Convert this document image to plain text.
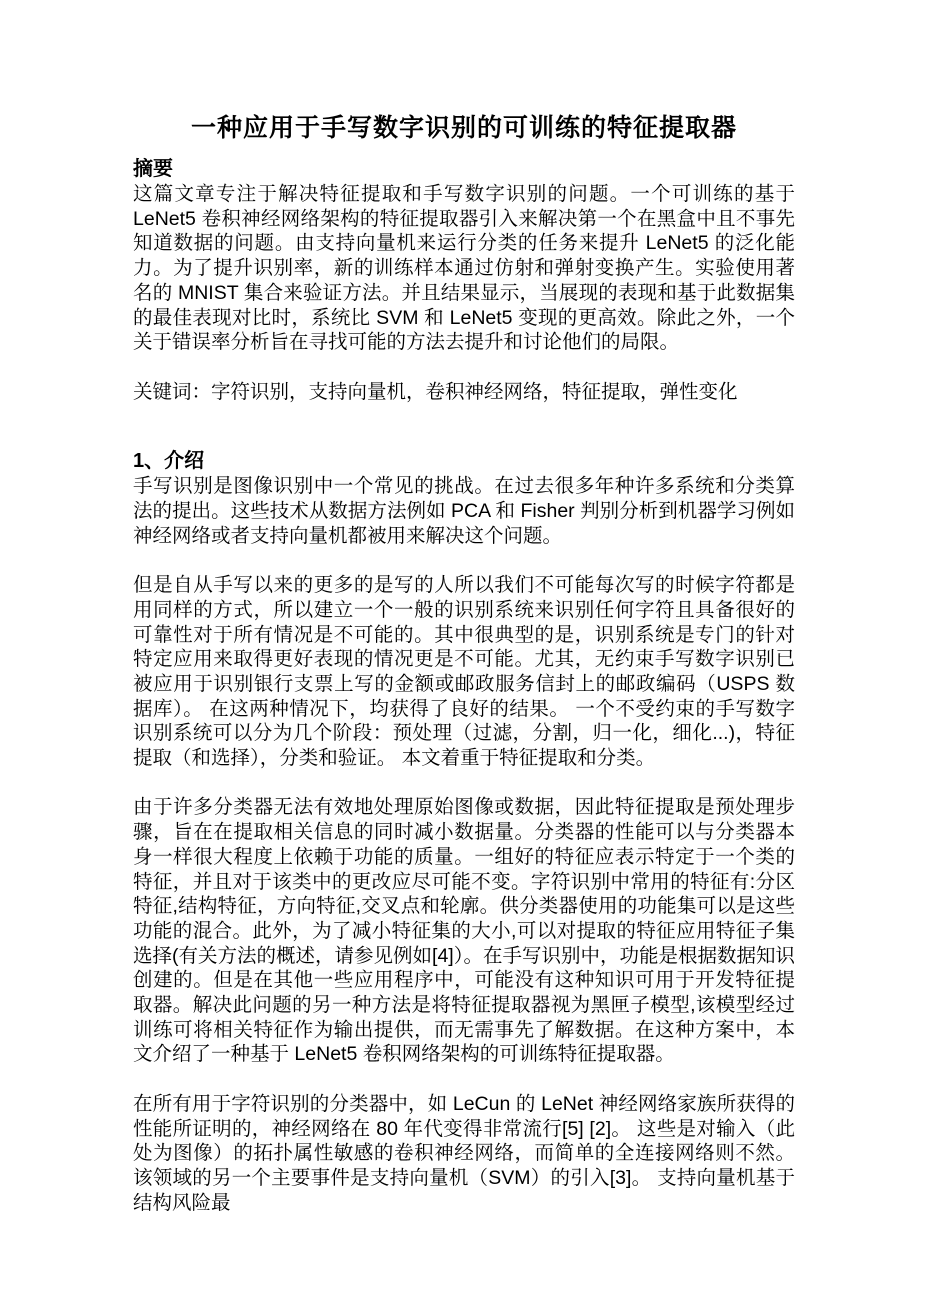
一种应用于手写数字识别的可训练的特征提取器
摘要

这篇文章专注于解决特征提取和手写数字识别的问题。一个可训练的基于 LeNet5 卷积神经网络架构的特征提取器引入来解决第一个在黑盒中且不事先知道数据的问题。由支持向量机来运行分类的任务来提升 LeNet5 的泛化能力。为了提升识别率，新的训练样本通过仿射和弹射变换产生。实验使用著名的 MNIST 集合来验证方法。并且结果显示，当展现的表现和基于此数据集的最佳表现对比时，系统比 SVM 和 LeNet5 变现的更高效。除此之外，一个关于错误率分析旨在寻找可能的方法去提升和讨论他们的局限。

关键词：字符识别，支持向量机，卷积神经网络，特征提取，弹性变化

1、介绍

手写识别是图像识别中一个常见的挑战。在过去很多年种许多系统和分类算法的提出。这些技术从数据方法例如 PCA 和 Fisher 判别分析到机器学习例如神经网络或者支持向量机都被用来解决这个问题。

但是自从手写以来的更多的是写的人所以我们不可能每次写的时候字符都是用同样的方式，所以建立一个一般的识别系统来识别任何字符且具备很好的可靠性对于所有情况是不可能的。其中很典型的是，识别系统是专门的针对特定应用来取得更好表现的情况更是不可能。尤其，无约束手写数字识别已被应用于识别银行支票上写的金额或邮政服务信封上的邮政编码（USPS 数据库）。 在这两种情况下，均获得了良好的结果。 一个不受约束的手写数字识别系统可以分为几个阶段：预处理（过滤，分割，归一化，细化...)，特征提取（和选择），分类和验证。 本文着重于特征提取和分类。

由于许多分类器无法有效地处理原始图像或数据，因此特征提取是预处理步骤，旨在在提取相关信息的同时减小数据量。分类器的性能可以与分类器本身一样很大程度上依赖于功能的质量。一组好的特征应表示特定于一个类的特征，并且对于该类中的更改应尽可能不变。字符识别中常用的特征有:分区特征,结构特征，方向特征,交叉点和轮廓。供分类器使用的功能集可以是这些功能的混合。此外，为了减小特征集的大小,可以对提取的特征应用特征子集选择(有关方法的概述，请参见例如[4]）。在手写识别中，功能是根据数据知识创建的。但是在其他一些应用程序中，可能没有这种知识可用于开发特征提取器。解决此问题的另一种方法是将特征提取器视为黑匣子模型,该模型经过训练可将相关特征作为输出提供，而无需事先了解数据。在这种方案中，本文介绍了一种基于 LeNet5 卷积网络架构的可训练特征提取器。

在所有用于字符识别的分类器中，如 LeCun 的 LeNet 神经网络家族所获得的性能所证明的，神经网络在 80 年代变得非常流行[5] [2]。 这些是对输入（此处为图像）的拓扑属性敏感的卷积神经网络，而简单的全连接网络则不然。 该领域的另一个主要事件是支持向量机（SVM）的引入[3]。 支持向量机基于结构风险最
